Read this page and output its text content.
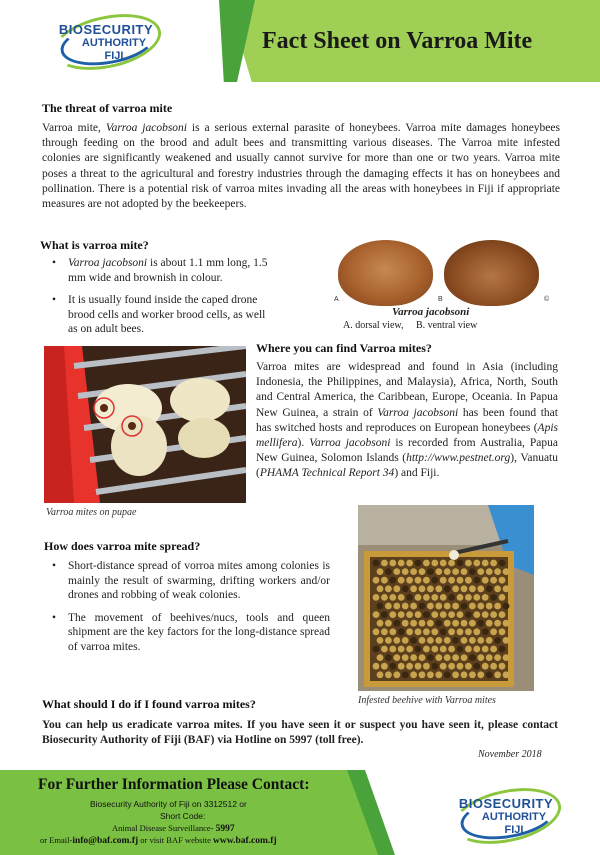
BIOSECURITY
AUTHORITY
FIJI
Fact Sheet on Varroa Mite
The threat of varroa mite
Varroa mite, Varroa jacobsoni is a serious external parasite of honeybees. Varroa mite damages honeybees through feeding on the brood and adult bees and transmitting various diseases. The Varroa mite infested colonies are significantly weakened and usually cannot survive for more than one or two years. Varroa mite poses a threat to the agricultural and forestry industries through the damaging effects it has on honeybees and pollination. There is a potential risk of varroa mites invading all the areas with honeybees in Fiji if appropriate measures are not adopted by the beekeepers.
What is varroa mite?
• Varroa jacobsoni is about 1.1 mm long, 1.5 mm wide and brownish in colour.
• It is usually found inside the caped drone brood cells and worker brood cells, as well as on adult bees.
A	B	©
Varroa jacobsoni
A. dorsal view,     B. ventral view
Varroa mites on pupae
Where you can find Varroa mites?
Varroa mites are widespread and found in Asia (including Indonesia, the Philippines, and Malaysia), Africa, North, South and Central America, the Caribbean, Europe, Oceania. In Papua New Guinea, a strain of Varroa jacobsoni has been found that has switched hosts and reproduces on European honeybees (Apis mellifera). Varroa jacobsoni is recorded from Australia, Papua New Guinea, Solomon Islands (http://www.pestnet.org), Vanuatu (PHAMA Technical Report 34) and Fiji.
Infested beehive with Varroa mites
How does varroa mite spread?
• Short-distance spread of vorroa mites among colonies is mainly the result of swarming, drifting workers and/or drones and robbing of weak colonies.
• The movement of beehives/nucs, tools and queen shipment are the key factors for the long-distance spread of varroa mites.
What should I do if I found varroa mites?
You can help us eradicate varroa mites. If you have seen it or suspect you have seen it, please contact Biosecurity Authority of Fiji (BAF) via Hotline on 5997 (toll free).
November 2018
For Further Information Please Contact:
Biosecurity Authority of Fiji on 3312512 or
Short Code:
Animal Disease Surveillance- 5997
or Email-info@baf.com.fj or visit BAF website www.baf.com.fj
BIOSECURITY
AUTHORITY
FIJI
